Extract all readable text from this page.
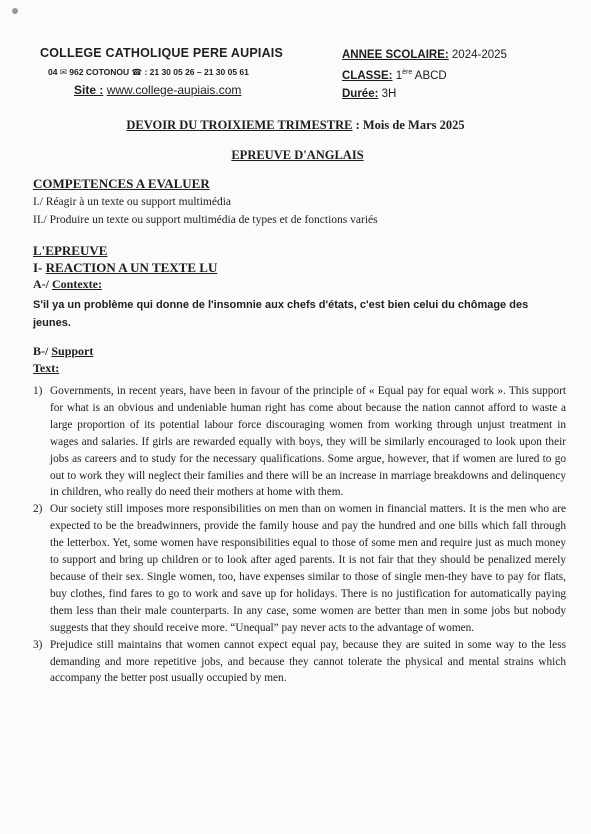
COLLEGE CATHOLIQUE PERE AUPIAIS
04 ✉ 962 COTONOU ☎ : 21 30 05 26 – 21 30 05 61
Site : www.college-aupiais.com
ANNEE SCOLAIRE: 2024-2025
CLASSE: 1ère ABCD
Durée: 3H
DEVOIR DU TROIXIEME TRIMESTRE : Mois de Mars 2025
EPREUVE D'ANGLAIS
COMPETENCES A EVALUER
I./ Réagir à un texte ou support multimédia
II./ Produire un texte ou support multimédia de types et de fonctions variés
L'EPREUVE
I- REACTION A UN TEXTE LU
A-/ Contexte:
S'il ya un problème qui donne de l'insomnie aux chefs d'états, c'est bien celui du chômage des jeunes.
B-/ Support
Text:
1) Governments, in recent years, have been in favour of the principle of « Equal pay for equal work ». This support for what is an obvious and undeniable human right has come about because the nation cannot afford to waste a large proportion of its potential labour force discouraging women from working through unjust treatment in wages and salaries. If girls are rewarded equally with boys, they will be similarly encouraged to look upon their jobs as careers and to study for the necessary qualifications. Some argue, however, that if women are lured to go out to work they will neglect their families and there will be an increase in marriage breakdowns and delinquency in children, who really do need their mothers at home with them.
2) Our society still imposes more responsibilities on men than on women in financial matters. It is the men who are expected to be the breadwinners, provide the family house and pay the hundred and one bills which fall through the letterbox. Yet, some women have responsibilities equal to those of some men and require just as much money to support and bring up children or to look after aged parents. It is not fair that they should be penalized merely because of their sex. Single women, too, have expenses similar to those of single men-they have to pay for flats, buy clothes, find fares to go to work and save up for holidays. There is no justification for automatically paying them less than their male counterparts. In any case, some women are better than men in some jobs but nobody suggests that they should receive more. “Unequal” pay never acts to the advantage of women.
3) Prejudice still maintains that women cannot expect equal pay, because they are suited in some way to the less demanding and more repetitive jobs, and because they cannot tolerate the physical and mental strains which accompany the better post usually occupied by men.
